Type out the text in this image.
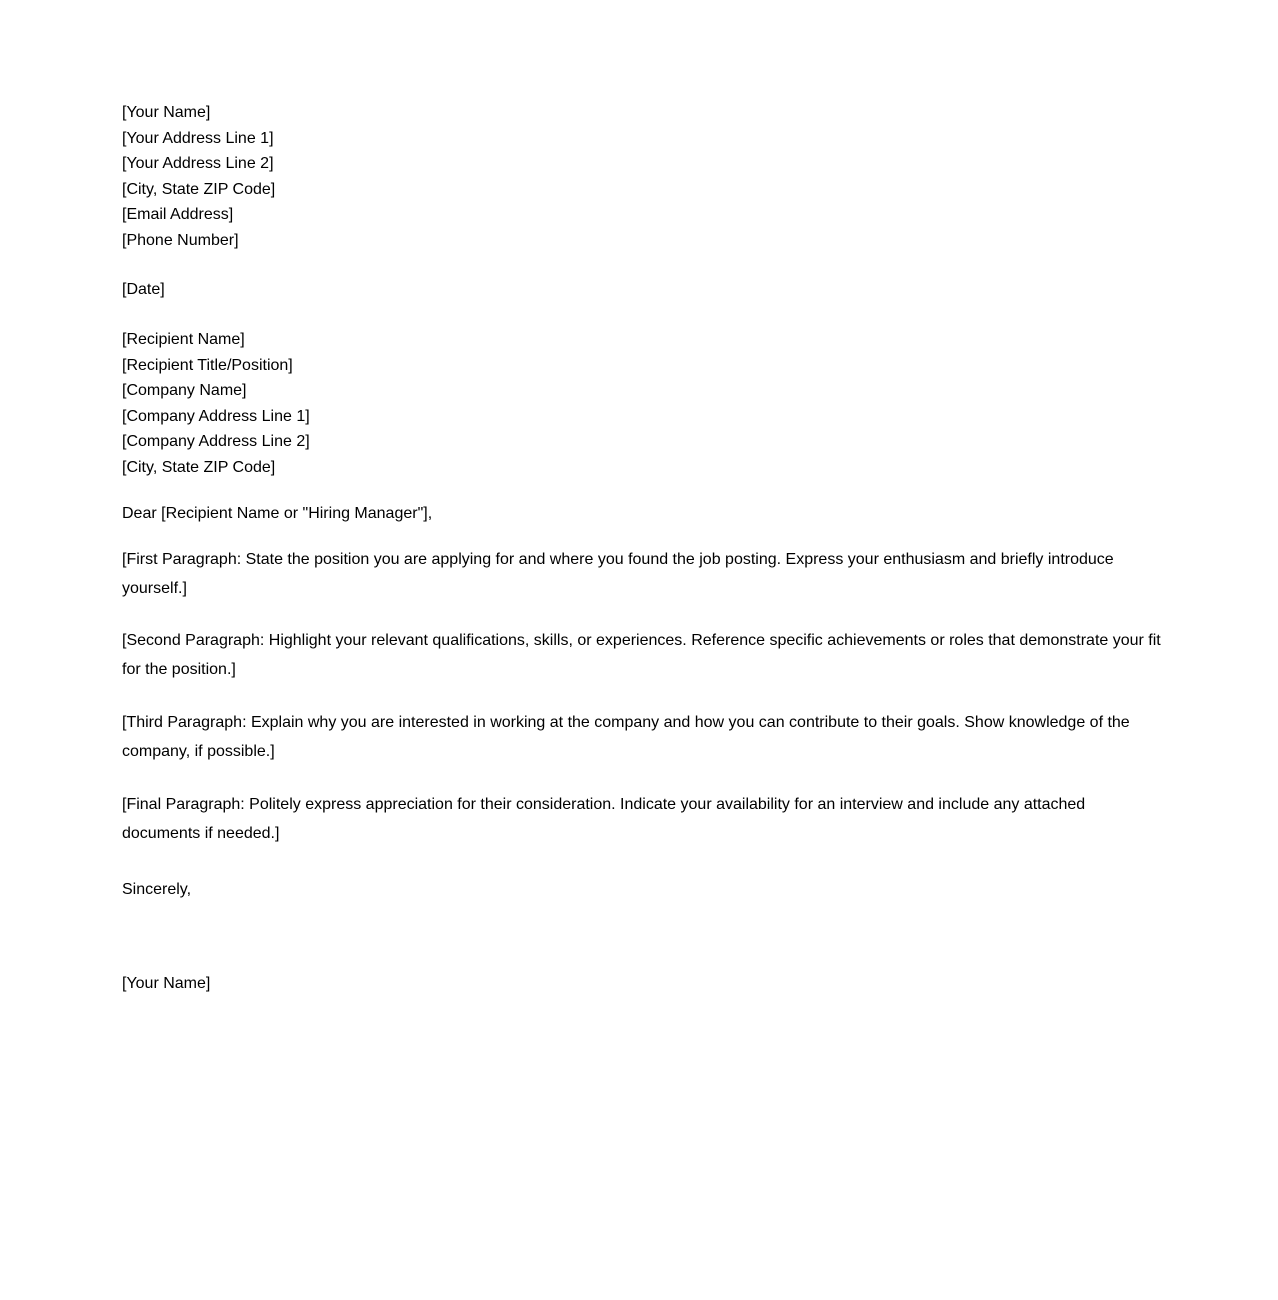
[Your Name]
[Your Address Line 1]
[Your Address Line 2]
[City, State ZIP Code]
[Email Address]
[Phone Number]
[Date]
[Recipient Name]
[Recipient Title/Position]
[Company Name]
[Company Address Line 1]
[Company Address Line 2]
[City, State ZIP Code]
Dear [Recipient Name or "Hiring Manager"],

[First Paragraph: State the position you are applying for and where you found the job posting. Express your enthusiasm and briefly introduce yourself.]

[Second Paragraph: Highlight your relevant qualifications, skills, or experiences. Reference specific achievements or roles that demonstrate your fit for the position.]

[Third Paragraph: Explain why you are interested in working at the company and how you can contribute to their goals. Show knowledge of the company, if possible.]

[Final Paragraph: Politely express appreciation for their consideration. Indicate your availability for an interview and include any attached documents if needed.]

Sincerely,
[Your Name]
